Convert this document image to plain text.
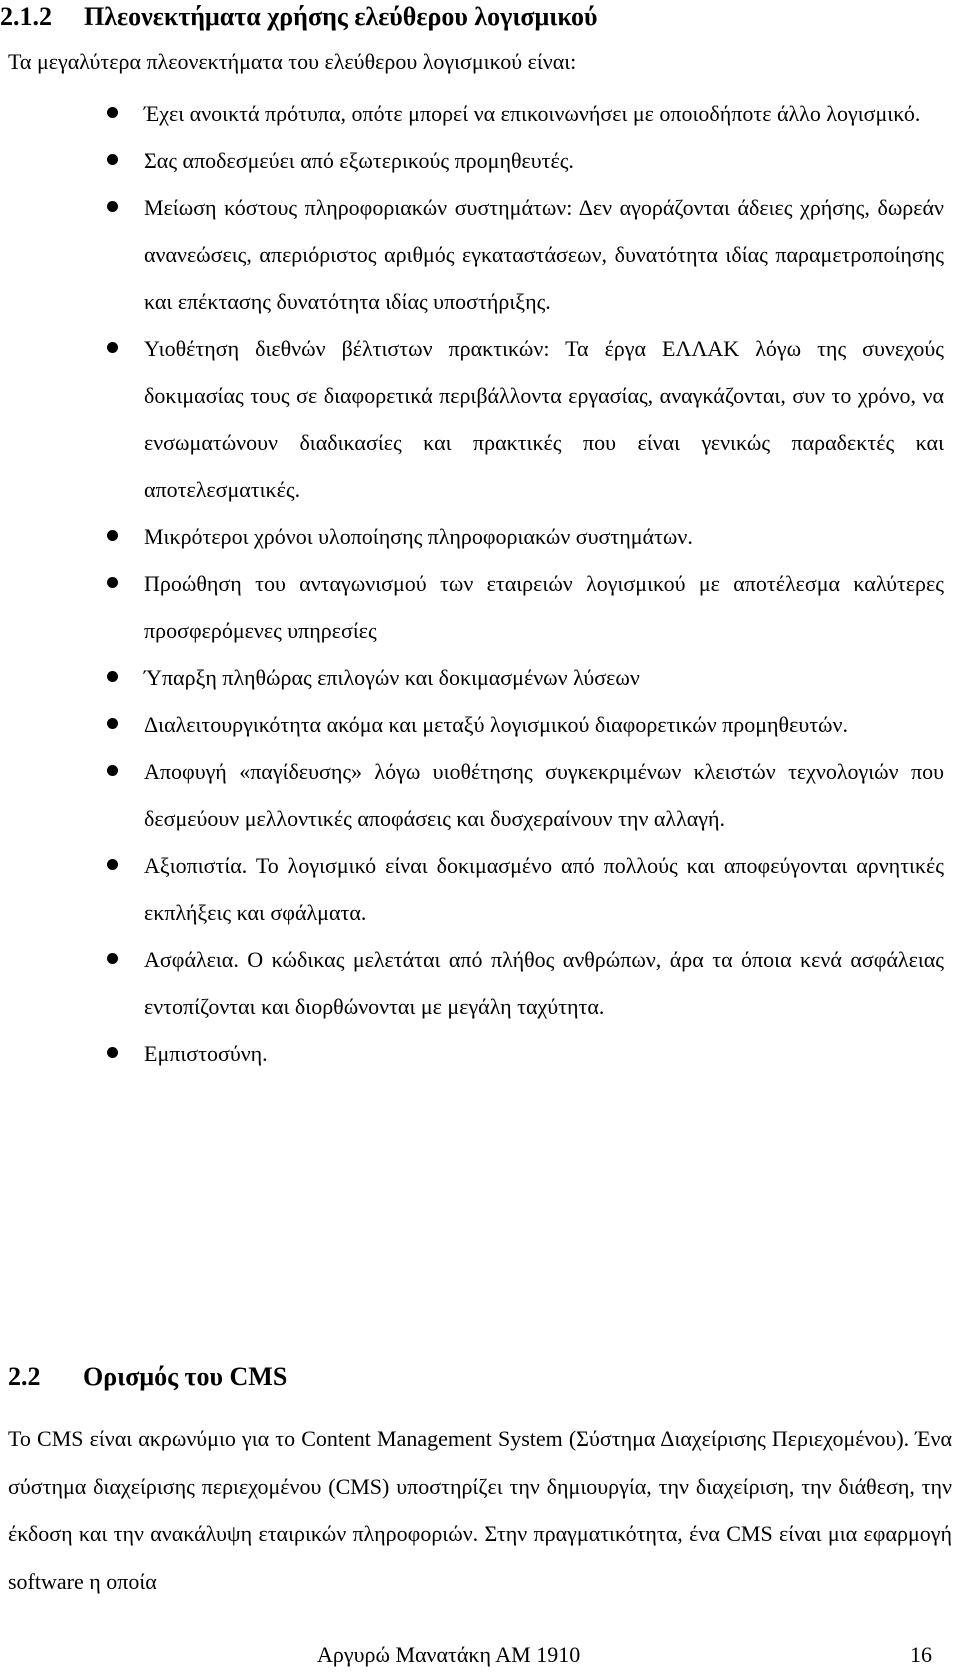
2.1.2 Πλεονεκτήματα χρήσης ελεύθερου λογισμικού

Τα μεγαλύτερα πλεονεκτήματα του ελεύθερου λογισμικού είναι:

Έχει ανοικτά πρότυπα, οπότε μπορεί να επικοινωνήσει με οποιοδήποτε άλλο λογισμικό.
Σας αποδεσμεύει από εξωτερικούς προμηθευτές.
Μείωση κόστους πληροφοριακών συστημάτων: Δεν αγοράζονται άδειες χρήσης, δωρεάν ανανεώσεις, απεριόριστος αριθμός εγκαταστάσεων, δυνατότητα ιδίας παραμετροποίησης και επέκτασης δυνατότητα ιδίας υποστήριξης.
Υιοθέτηση διεθνών βέλτιστων πρακτικών: Τα έργα ΕΛΛΑΚ λόγω της συνεχούς δοκιμασίας τους σε διαφορετικά περιβάλλοντα εργασίας, αναγκάζονται, συν το χρόνο, να ενσωματώνουν διαδικασίες και πρακτικές που είναι γενικώς παραδεκτές και αποτελεσματικές.
Μικρότεροι χρόνοι υλοποίησης πληροφοριακών συστημάτων.
Προώθηση του ανταγωνισμού των εταιρειών λογισμικού με αποτέλεσμα καλύτερες προσφερόμενες υπηρεσίες
Ύπαρξη πληθώρας επιλογών και δοκιμασμένων λύσεων
Διαλειτουργικότητα ακόμα και μεταξύ λογισμικού διαφορετικών προμηθευτών.
Αποφυγή «παγίδευσης» λόγω υιοθέτησης συγκεκριμένων κλειστών τεχνολογιών που δεσμεύουν μελλοντικές αποφάσεις και δυσχεραίνουν την αλλαγή.
Αξιοπιστία. Το λογισμικό είναι δοκιμασμένο από πολλούς και αποφεύγονται αρνητικές εκπλήξεις και σφάλματα.
Ασφάλεια. Ο κώδικας μελετάται από πλήθος ανθρώπων, άρα τα όποια κενά ασφάλειας εντοπίζονται και διορθώνονται με μεγάλη ταχύτητα.
Εμπιστοσύνη.
2.2 Ορισμός του CMS

Το CMS είναι ακρωνύμιο για το Content Management System (Σύστημα Διαχείρισης Περιεχομένου). Ένα σύστημα διαχείρισης περιεχομένου (CMS) υποστηρίζει την δημιουργία, την διαχείριση, την διάθεση, την έκδοση και την ανακάλυψη εταιρικών πληροφοριών. Στην πραγματικότητα, ένα CMS είναι μια εφαρμογή software η οποία

Αργυρώ Μανατάκη ΑΜ 1910	16
